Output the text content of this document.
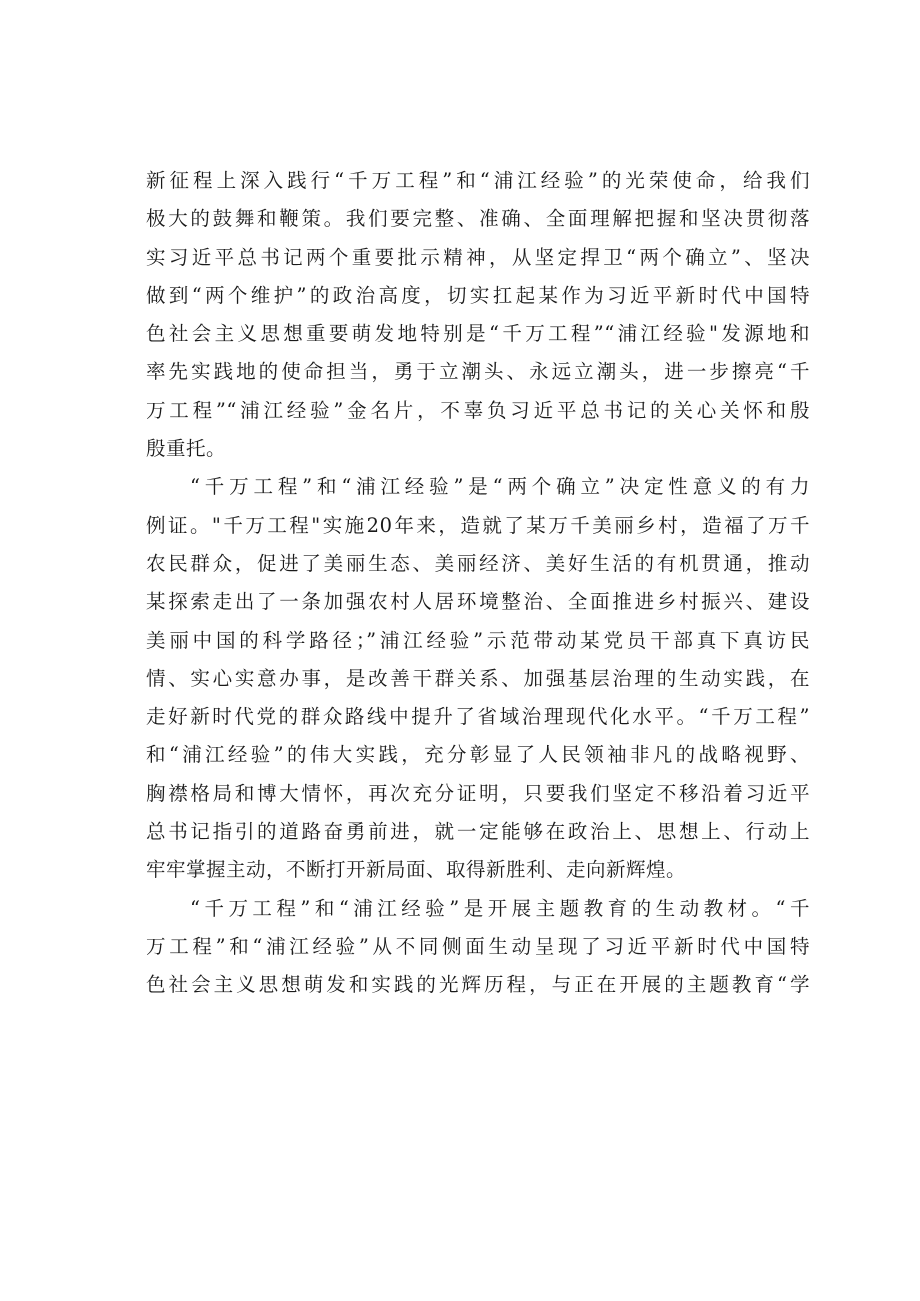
新征程上深入践行“千万工程”和“浦江经验”的光荣使命，给我们
极大的鼓舞和鞭策。我们要完整、准确、全面理解把握和坚决贯彻落
实习近平总书记两个重要批示精神，从坚定捍卫“两个确立”、坚决
做到“两个维护”的政治高度，切实扛起某作为习近平新时代中国特
色社会主义思想重要萌发地特别是“千万工程”“浦江经验"发源地和
率先实践地的使命担当，勇于立潮头、永远立潮头，进一步擦亮“千
万工程”“浦江经验”金名片，不辜负习近平总书记的关心关怀和殷
殷重托。
“千万工程”和“浦江经验”是“两个确立”决定性意义的有力
例证。"千万工程"实施20年来，造就了某万千美丽乡村，造福了万千
农民群众，促进了美丽生态、美丽经济、美好生活的有机贯通，推动
某探索走出了一条加强农村人居环境整治、全面推进乡村振兴、建设
美丽中国的科学路径；”浦江经验”示范带动某党员干部真下真访民
情、实心实意办事，是改善干群关系、加强基层治理的生动实践，在
走好新时代党的群众路线中提升了省域治理现代化水平。“千万工程”
和“浦江经验”的伟大实践，充分彰显了人民领袖非凡的战略视野、
胸襟格局和博大情怀，再次充分证明，只要我们坚定不移沿着习近平
总书记指引的道路奋勇前进，就一定能够在政治上、思想上、行动上
牢牢掌握主动，不断打开新局面、取得新胜利、走向新辉煌。
“千万工程”和“浦江经验”是开展主题教育的生动教材。“千
万工程”和“浦江经验”从不同侧面生动呈现了习近平新时代中国特
色社会主义思想萌发和实践的光辉历程，与正在开展的主题教育“学
